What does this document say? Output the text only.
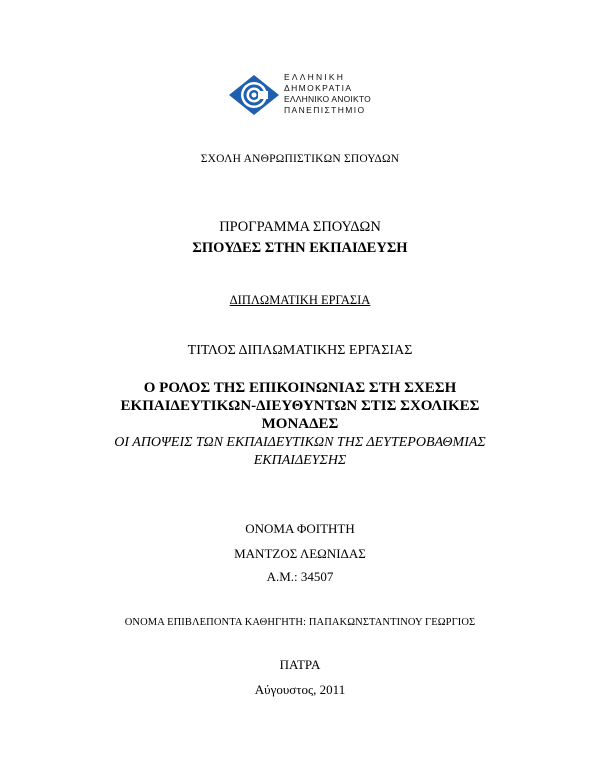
ΕΛΛΗΝΙΚΗ
ΔΗΜΟΚΡΑΤΙΑ
ΕΛΛΗΝΙΚΟ ΑΝΟΙΚΤΟ
ΠΑΝΕΠΙΣΤΗΜΙΟ
ΣΧΟΛΗ ΑΝΘΡΩΠΙΣΤΙΚΩΝ ΣΠΟΥΔΩΝ
ΠΡΟΓΡΑΜΜΑ ΣΠΟΥΔΩΝ
ΣΠΟΥΔΕΣ ΣΤΗΝ ΕΚΠΑΙΔΕΥΣΗ
ΔΙΠΛΩΜΑΤΙΚΗ ΕΡΓΑΣΙΑ
ΤΙΤΛΟΣ ΔΙΠΛΩΜΑΤΙΚΗΣ ΕΡΓΑΣΙΑΣ
Ο ΡΟΛΟΣ ΤΗΣ ΕΠΙΚΟΙΝΩΝΙΑΣ ΣΤΗ ΣΧΕΣΗ
ΕΚΠΑΙΔΕΥΤΙΚΩΝ-ΔΙΕΥΘΥΝΤΩΝ ΣΤΙΣ ΣΧΟΛΙΚΕΣ
ΜΟΝΑΔΕΣ
ΟΙ ΑΠΟΨΕΙΣ ΤΩΝ ΕΚΠΑΙΔΕΥΤΙΚΩΝ ΤΗΣ ΔΕΥΤΕΡΟΒΑΘΜΙΑΣ
ΕΚΠΑΙΔΕΥΣΗΣ
ΟΝΟΜΑ ΦΟΙΤΗΤΗ
ΜΑΝΤΖΟΣ ΛΕΩΝΙΔΑΣ
Α.Μ.: 34507
ΟΝΟΜΑ ΕΠΙΒΛΕΠΟΝΤΑ ΚΑΘΗΓΗΤΗ: ΠΑΠΑΚΩΝΣΤΑΝΤΙΝΟΥ ΓΕΩΡΓΙΟΣ
ΠΑΤΡΑ
Αύγουστος, 2011
